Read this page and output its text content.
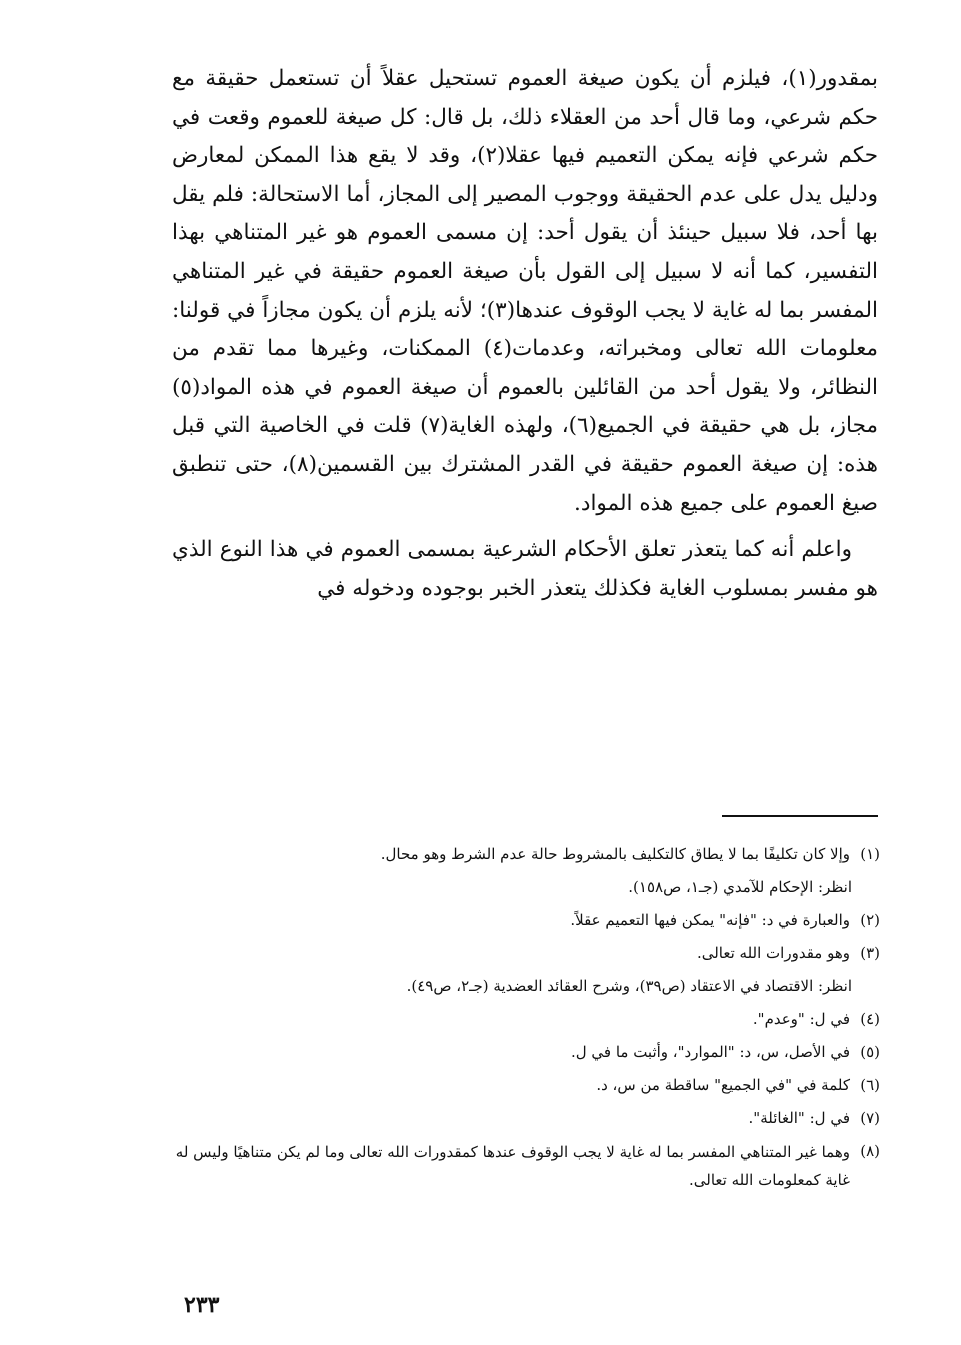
بمقدور(١)، فيلزم أن يكون صيغة العموم تستحيل عقلاً أن تستعمل حقيقة مع حكم شرعي، وما قال أحد من العقلاء ذلك، بل قال: كل صيغة للعموم وقعت في حكم شرعي فإنه يمكن التعميم فيها عقلا(٢)، وقد لا يقع هذا الممكن لمعارض ودليل يدل على عدم الحقيقة ووجوب المصير إلى المجاز، أما الاستحالة: فلم يقل بها أحد، فلا سبيل حينئذ أن يقول أحد: إن مسمى العموم هو غير المتناهي بهذا التفسير، كما أنه لا سبيل إلى القول بأن صيغة العموم حقيقة في غير المتناهي المفسر بما له غاية لا يجب الوقوف عندها(٣)؛ لأنه يلزم أن يكون مجازاً في قولنا: معلومات الله تعالى ومخبراته، وعدمات(٤) الممكنات، وغيرها مما تقدم من النظائر، ولا يقول أحد من القائلين بالعموم أن صيغة العموم في هذه المواد(٥) مجاز، بل هي حقيقة في الجميع(٦)، ولهذه الغاية(٧) قلت في الخاصية التي قبل هذه: إن صيغة العموم حقيقة في القدر المشترك بين القسمين(٨)، حتى تنطبق صيغ العموم على جميع هذه المواد.

واعلم أنه كما يتعذر تعلق الأحكام الشرعية بمسمى العموم في هذا النوع الذي هو مفسر بمسلوب الغاية فكذلك يتعذر الخبر بوجوده ودخوله في

(١)
وإلا كان تكليفًا بما لا يطاق كالتكليف بالمشروط حالة عدم الشرط وهو محال.
انظر: الإحكام للآمدي (جـ١، ص١٥٨).
(٢)
والعبارة في د: "فإنه" يمكن فيها التعميم عقلاً.
(٣)
وهو مقدورات الله تعالى.
انظر: الاقتصاد في الاعتقاد (ص٣٩)، وشرح العقائد العضدية (جـ٢، ص٤٩).
(٤)
في ل: "وعدم".
(٥)
في الأصل، س، د: "الموارد"، وأثبت ما في ل.
(٦)
كلمة في "في الجميع" ساقطة من س، د.
(٧)
في ل: "الغائلة".
(٨)
وهما غير المتناهي المفسر بما له غاية لا يجب الوقوف عندها كمقدورات الله تعالى وما لم يكن متناهيًا وليس له غاية كمعلومات الله تعالى.
٢٣٣
